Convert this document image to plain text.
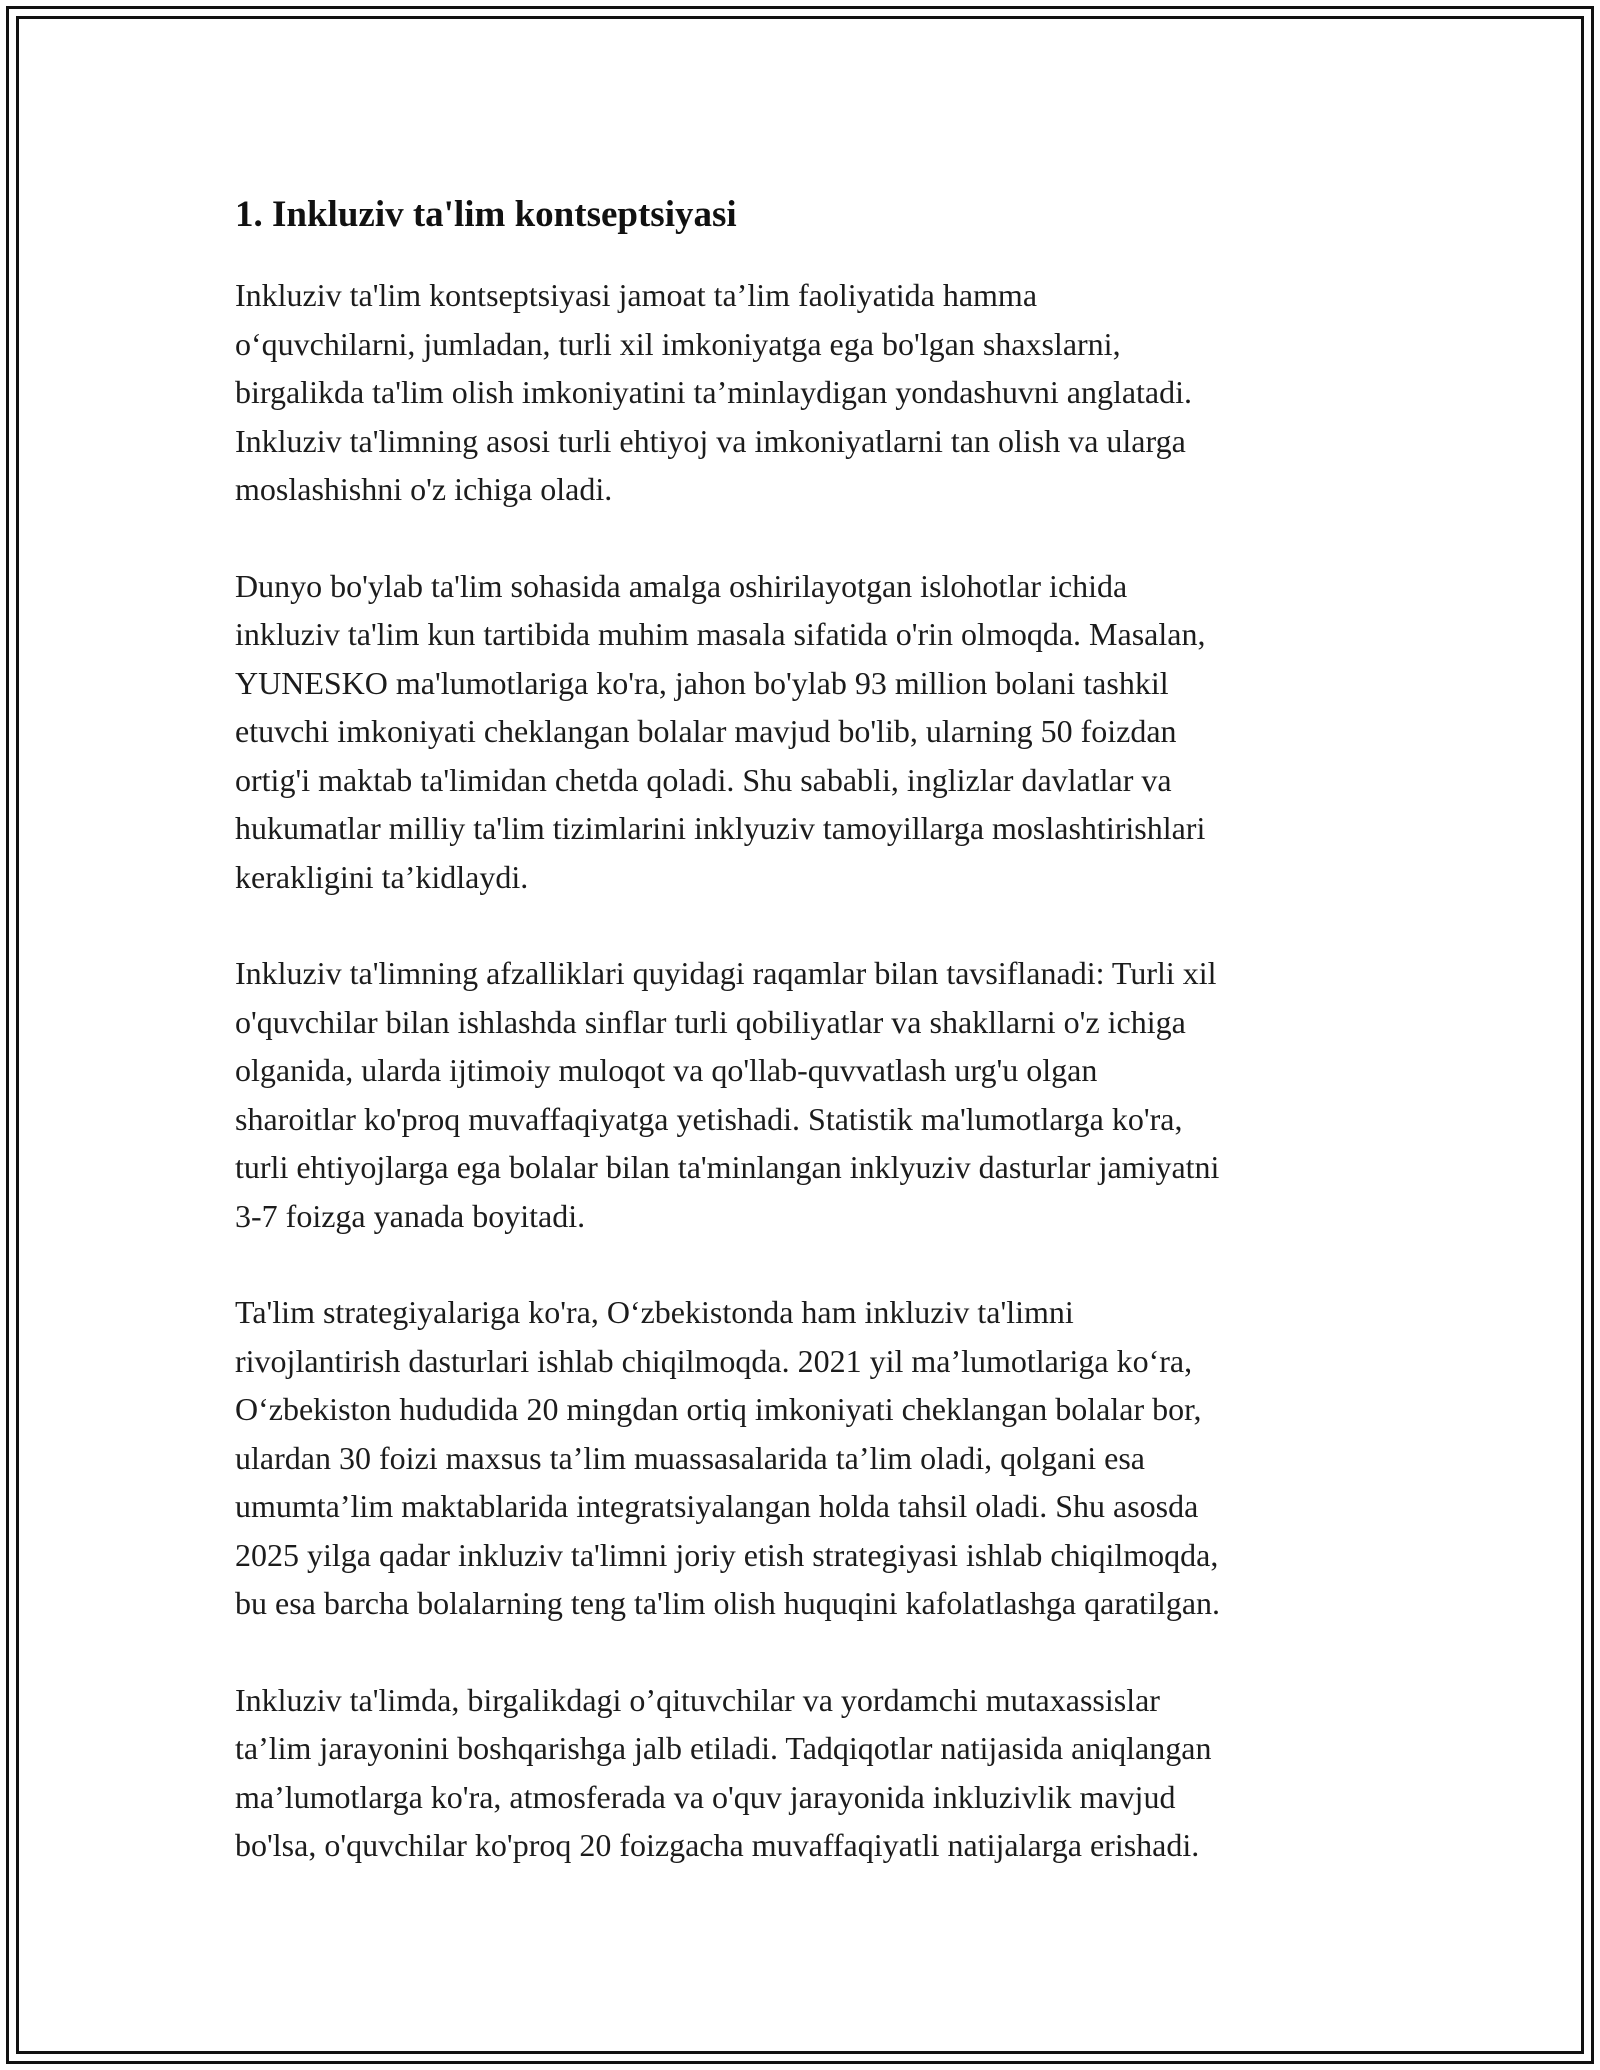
1. Inkluziv ta'lim kontseptsiyasi

Inkluziv ta'lim kontseptsiyasi jamoat ta’lim faoliyatida hamma
o‘quvchilarni, jumladan, turli xil imkoniyatga ega bo'lgan shaxslarni,
birgalikda ta'lim olish imkoniyatini ta’minlaydigan yondashuvni anglatadi.
Inkluziv ta'limning asosi turli ehtiyoj va imkoniyatlarni tan olish va ularga
moslashishni o'z ichiga oladi.

Dunyo bo'ylab ta'lim sohasida amalga oshirilayotgan islohotlar ichida
inkluziv ta'lim kun tartibida muhim masala sifatida o'rin olmoqda. Masalan,
YUNESKO ma'lumotlariga ko'ra, jahon bo'ylab 93 million bolani tashkil
etuvchi imkoniyati cheklangan bolalar mavjud bo'lib, ularning 50 foizdan
ortig'i maktab ta'limidan chetda qoladi. Shu sababli, inglizlar davlatlar va
hukumatlar milliy ta'lim tizimlarini inklyuziv tamoyillarga moslashtirishlari
kerakligini ta’kidlaydi.

Inkluziv ta'limning afzalliklari quyidagi raqamlar bilan tavsiflanadi: Turli xil
o'quvchilar bilan ishlashda sinflar turli qobiliyatlar va shakllarni o'z ichiga
olganida, ularda ijtimoiy muloqot va qo'llab-quvvatlash urg'u olgan
sharoitlar ko'proq muvaffaqiyatga yetishadi. Statistik ma'lumotlarga ko'ra,
turli ehtiyojlarga ega bolalar bilan ta'minlangan inklyuziv dasturlar jamiyatni
3-7 foizga yanada boyitadi.

Ta'lim strategiyalariga ko'ra, O‘zbekistonda ham inkluziv ta'limni
rivojlantirish dasturlari ishlab chiqilmoqda. 2021 yil ma’lumotlariga ko‘ra,
O‘zbekiston hududida 20 mingdan ortiq imkoniyati cheklangan bolalar bor,
ulardan 30 foizi maxsus ta’lim muassasalarida ta’lim oladi, qolgani esa
umumta’lim maktablarida integratsiyalangan holda tahsil oladi. Shu asosda
2025 yilga qadar inkluziv ta'limni joriy etish strategiyasi ishlab chiqilmoqda,
bu esa barcha bolalarning teng ta'lim olish huquqini kafolatlashga qaratilgan.

Inkluziv ta'limda, birgalikdagi o’qituvchilar va yordamchi mutaxassislar
ta’lim jarayonini boshqarishga jalb etiladi. Tadqiqotlar natijasida aniqlangan
ma’lumotlarga ko'ra, atmosferada va o'quv jarayonida inkluzivlik mavjud
bo'lsa, o'quvchilar ko'proq 20 foizgacha muvaffaqiyatli natijalarga erishadi.
